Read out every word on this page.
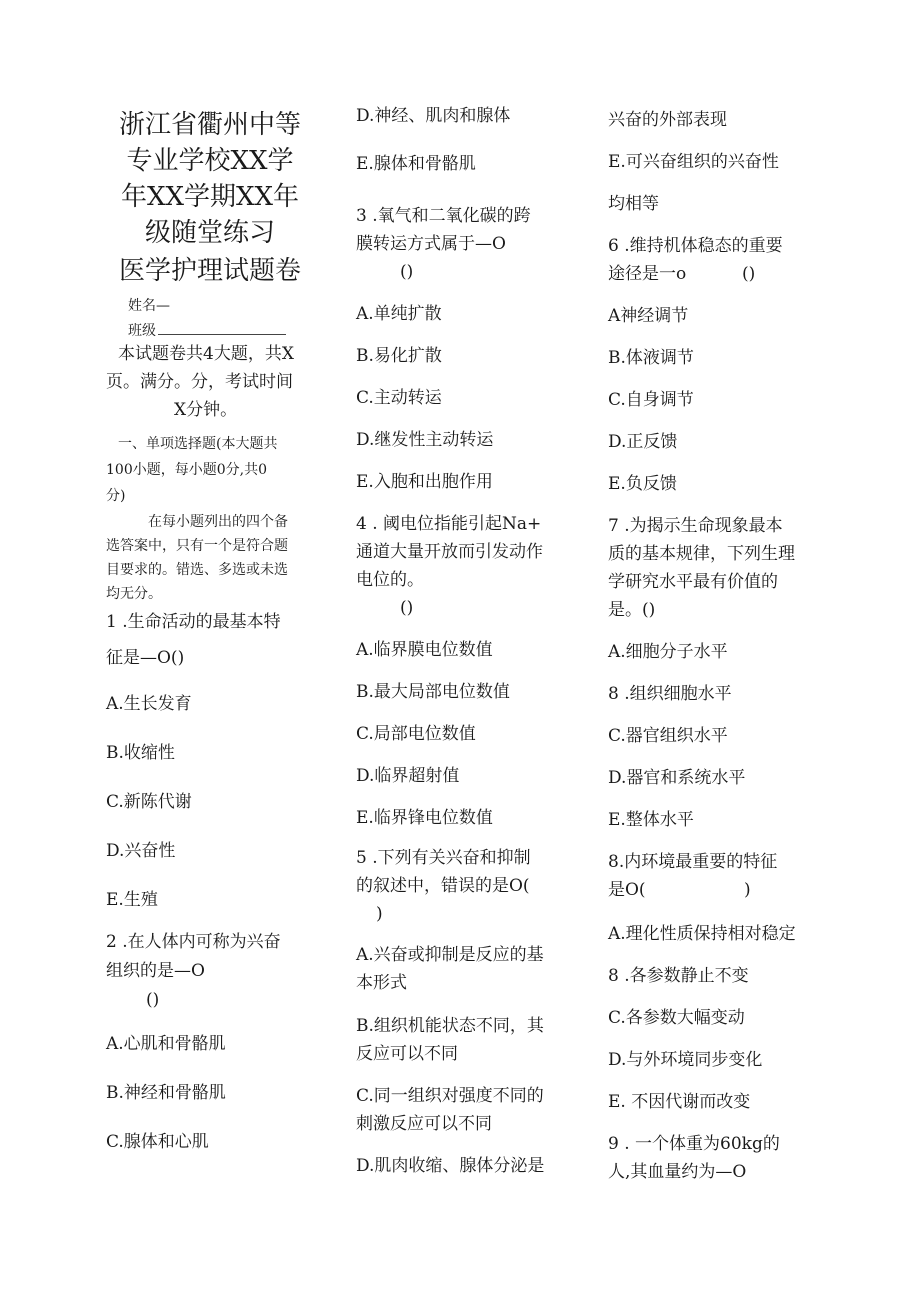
浙江省衢州中等
专业学校XX学
年XX学期XX年
级随堂练习
医学护理试题卷
姓名—
班级
本试题卷共4大题，共X
页。满分。分，考试时间
X分钟。
一、单项选择题(本大题共
100小题，每小题0分,共0
分)
在每小题列出的四个备
选答案中，只有一个是符合题
目要求的。错选、多选或未选
均无分。
1 .生命活动的最基本特
征是—O()
A.生长发育
B.收缩性
C.新陈代谢
D.兴奋性
E.生殖
2 .在人体内可称为兴奋
组织的是—O
()
A.心肌和骨骼肌
B.神经和骨骼肌
C.腺体和心肌
D.神经、肌肉和腺体
E.腺体和骨骼肌
3 .氧气和二氧化碳的跨
膜转运方式属于—O
()
A.单纯扩散
B.易化扩散
C.主动转运
D.继发性主动转运
E.入胞和出胞作用
4 . 阈电位指能引起Na+
通道大量开放而引发动作
电位的。
()
A.临界膜电位数值
B.最大局部电位数值
C.局部电位数值
D.临界超射值
E.临界锋电位数值
5 .下列有关兴奋和抑制
的叙述中，错误的是O(
)
A.兴奋或抑制是反应的基
本形式
B.组织机能状态不同，其
反应可以不同
C.同一组织对强度不同的
刺激反应可以不同
D.肌肉收缩、腺体分泌是
兴奋的外部表现
E.可兴奋组织的兴奋性
均相等
6 .维持机体稳态的重要
途径是一o	()
A神经调节
B.体液调节
C.自身调节
D.正反馈
E.负反馈
7 .为揭示生命现象最本
质的基本规律，下列生理
学研究水平最有价值的
是。()
A.细胞分子水平
8 .组织细胞水平
C.器官组织水平
D.器官和系统水平
E.整体水平
8.内环境最重要的特征
是O(	)
A.理化性质保持相对稳定
8 .各参数静止不变
C.各参数大幅变动
D.与外环境同步变化
E. 不因代谢而改变
9 . 一个体重为60kg的
人,其血量约为—O
